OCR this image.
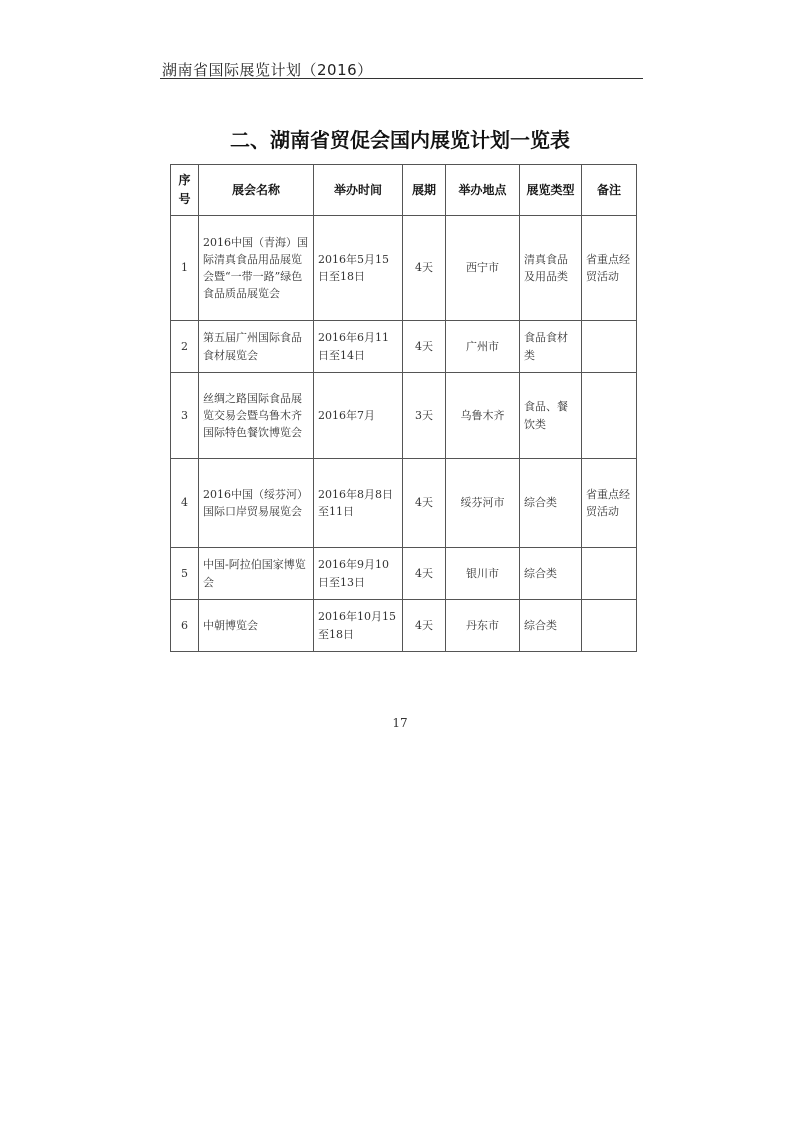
湖南省国际展览计划（2016）
二、湖南省贸促会国内展览计划一览表
序号	展会名称	举办时间	展期	举办地点	展览类型	备注
1	2016中国（青海）国际清真食品用品展览会暨“一带一路”绿色食品质品展览会	2016年5月15日至18日	4天	西宁市	清真食品及用品类	省重点经贸活动
2	第五届广州国际食品食材展览会	2016年6月11日至14日	4天	广州市	食品食材类	
3	丝绸之路国际食品展览交易会暨乌鲁木齐国际特色餐饮博览会	2016年7月	3天	乌鲁木齐	食品、餐饮类	
4	2016中国（绥芬河）国际口岸贸易展览会	2016年8月8日至11日	4天	绥芬河市	综合类	省重点经贸活动
5	中国-阿拉伯国家博览会	2016年9月10日至13日	4天	银川市	综合类	
6	中朝博览会	2016年10月15至18日	4天	丹东市	综合类	
17
